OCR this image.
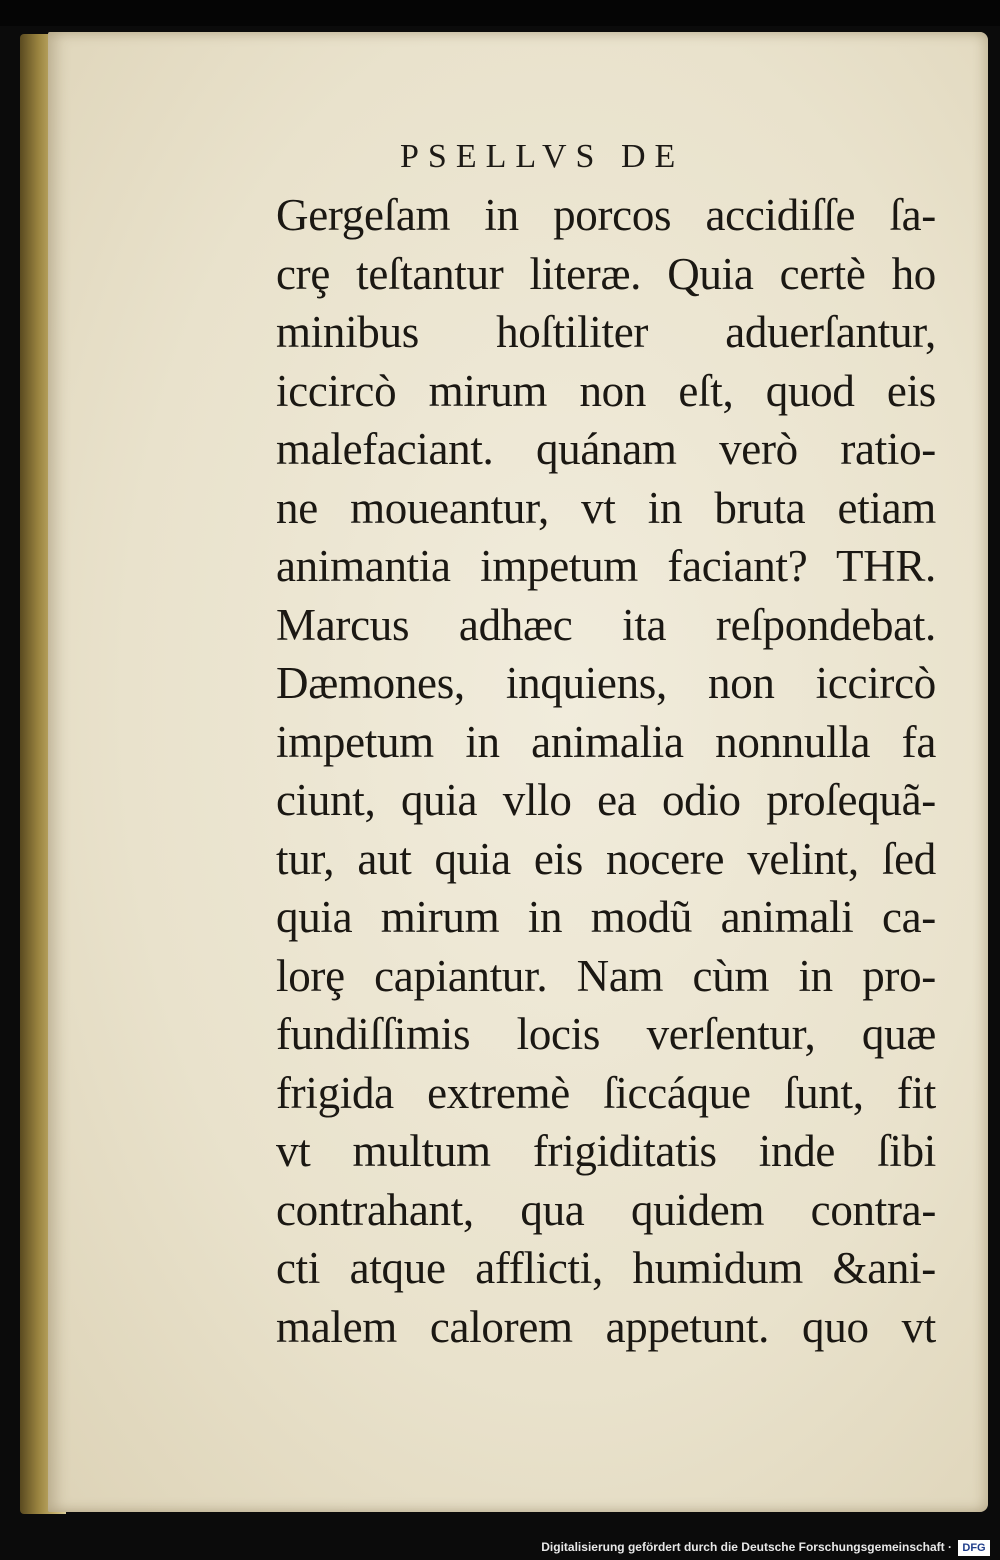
PSELLVS DE
Gergeſam in porcos accidiſſe ſa-
crȩ teſtantur literæ. Quia certè ho
minibus hoſtiliter aduerſantur,
iccircò mirum non eſt, quod eis
malefaciant. quánam verò ratio-
ne moueantur, vt in bruta etiam
animantia impetum faciant? THR.
Marcus adhæc ita reſpondebat.
Dæmones, inquiens, non iccircò
impetum in animalia nonnulla fa
ciunt, quia vllo ea odio proſequã-
tur, aut quia eis nocere velint, ſed
quia mirum in modũ animali ca-
lorȩ capiantur. Nam cùm in pro-
fundiſſimis locis verſentur, quæ
frigida extremè ſiccáque ſunt, fit
vt multum frigiditatis inde ſibi
contrahant, qua quidem contra-
cti atque afflicti, humidum &ani-
malem calorem appetunt. quo vt
Digitalisierung gefördert durch die Deutsche Forschungsgemeinschaft · DFG
